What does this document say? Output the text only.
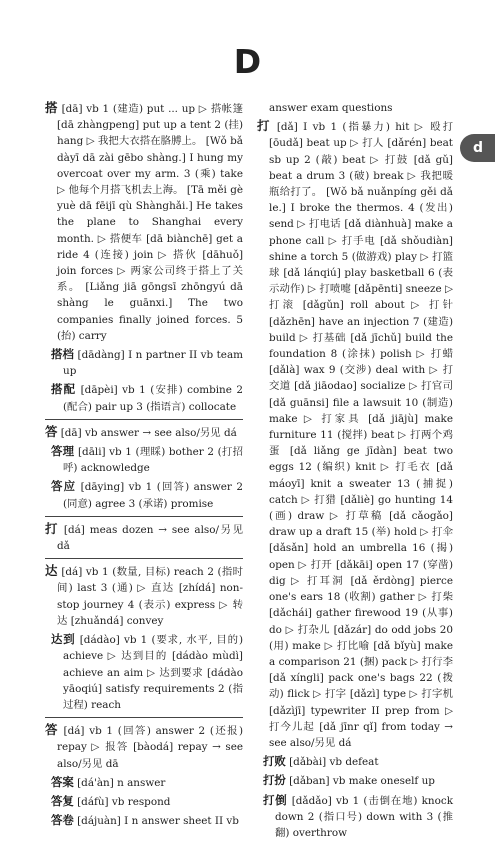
D
搭 [dā] vb 1 (建造) put ... up ▷ 搭帐篷 [dā zhàngpeng] put up a tent 2 (挂) hang ▷ 我把大衣搭在胳膊上。 [Wǒ bǎ dàyī dā zài gēbo shàng.] I hung my overcoat over my arm. 3 (乘) take ▷ 他每个月搭飞机去上海。 [Tā měi gè yuè dā fēijī qù Shànghǎi.] He takes the plane to Shanghai every month. ▷ 搭便车 [dā biànchē] get a ride 4 (连接) join ▷ 搭伙 [dāhuǒ] join forces ▷ 两家公司终于搭上了关系。 [Liǎng jiā gōngsī zhōngyú dā shàng le guānxi.] The two companies finally joined forces. 5 (抬) carry
搭档 [dādàng] I n partner II vb team up
搭配 [dāpèi] vb 1 (安排) combine 2 (配合) pair up 3 (指语言) collocate
答 [dā] vb answer → see also/另见 dá
答理 [dāli] vb 1 (理睬) bother 2 (打招呼) acknowledge
答应 [dāying] vb 1 (回答) answer 2 (同意) agree 3 (承诺) promise
打 [dá] meas dozen → see also/另见 dǎ
达 [dá] vb 1 (数量, 目标) reach 2 (指时间) last 3 (通) ▷ 直达 [zhídá] non-stop journey 4 (表示) express ▷ 转达 [zhuǎndá] convey
达到 [dádào] vb 1 (要求, 水平, 目的) achieve ▷ 达到目的 [dádào mùdì] achieve an aim ▷ 达到要求 [dádào yāoqiú] satisfy requirements 2 (指过程) reach
答 [dá] vb 1 (回答) answer 2 (还报) repay ▷ 报答 [bàodá] repay → see also/另见 dā
答案 [dá'àn] n answer
答复 [dáfù] vb respond
答卷 [dájuàn] I n answer sheet II vb
answer exam questions
打 [dǎ] I vb 1 (指暴力) hit ▷ 殴打 [ōudǎ] beat up ▷ 打人 [dǎrén] beat sb up 2 (敲) beat ▷ 打鼓 [dǎ gǔ] beat a drum 3 (破) break ▷ 我把暖瓶给打了。 [Wǒ bǎ nuǎnpíng gěi dǎ le.] I broke the thermos. 4 (发出) send ▷ 打电话 [dǎ diànhuà] make a phone call ▷ 打手电 [dǎ shǒudiàn] shine a torch 5 (做游戏) play ▷ 打篮球 [dǎ lánqiú] play basketball 6 (表示动作) ▷ 打喷嚏 [dǎpēnti] sneeze ▷ 打滚 [dǎgǔn] roll about ▷ 打针 [dǎzhēn] have an injection 7 (建造) build ▷ 打基础 [dǎ jīchǔ] build the foundation 8 (涂抹) polish ▷ 打蜡 [dǎlà] wax 9 (交涉) deal with ▷ 打交道 [dǎ jiāodao] socialize ▷ 打官司 [dǎ guānsi] file a lawsuit 10 (制造) make ▷ 打家具 [dǎ jiājù] make furniture 11 (搅拌) beat ▷ 打两个鸡蛋 [dǎ liǎng ge jīdàn] beat two eggs 12 (编织) knit ▷ 打毛衣 [dǎ máoyī] knit a sweater 13 (捕捉) catch ▷ 打猎 [dǎliè] go hunting 14 (画) draw ▷ 打草稿 [dǎ cǎogǎo] draw up a draft 15 (举) hold ▷ 打伞 [dǎsǎn] hold an umbrella 16 (揭) open ▷ 打开 [dǎkāi] open 17 (穿凿) dig ▷ 打耳洞 [dǎ ěrdòng] pierce one's ears 18 (收割) gather ▷ 打柴 [dǎchái] gather firewood 19 (从事) do ▷ 打杂儿 [dǎzár] do odd jobs 20 (用) make ▷ 打比喻 [dǎ bǐyù] make a comparison 21 (捆) pack ▷ 打行李 [dǎ xíngli] pack one's bags 22 (拨动) flick ▷ 打字 [dǎzì] type ▷ 打字机 [dǎzìjī] typewriter II prep from ▷ 打今儿起 [dǎ jīnr qǐ] from today → see also/另见 dá
打败 [dǎbài] vb defeat
打扮 [dǎban] vb make oneself up
打倒 [dǎdǎo] vb 1 (击倒在地) knock down 2 (指口号) down with 3 (推翻) overthrow
d
